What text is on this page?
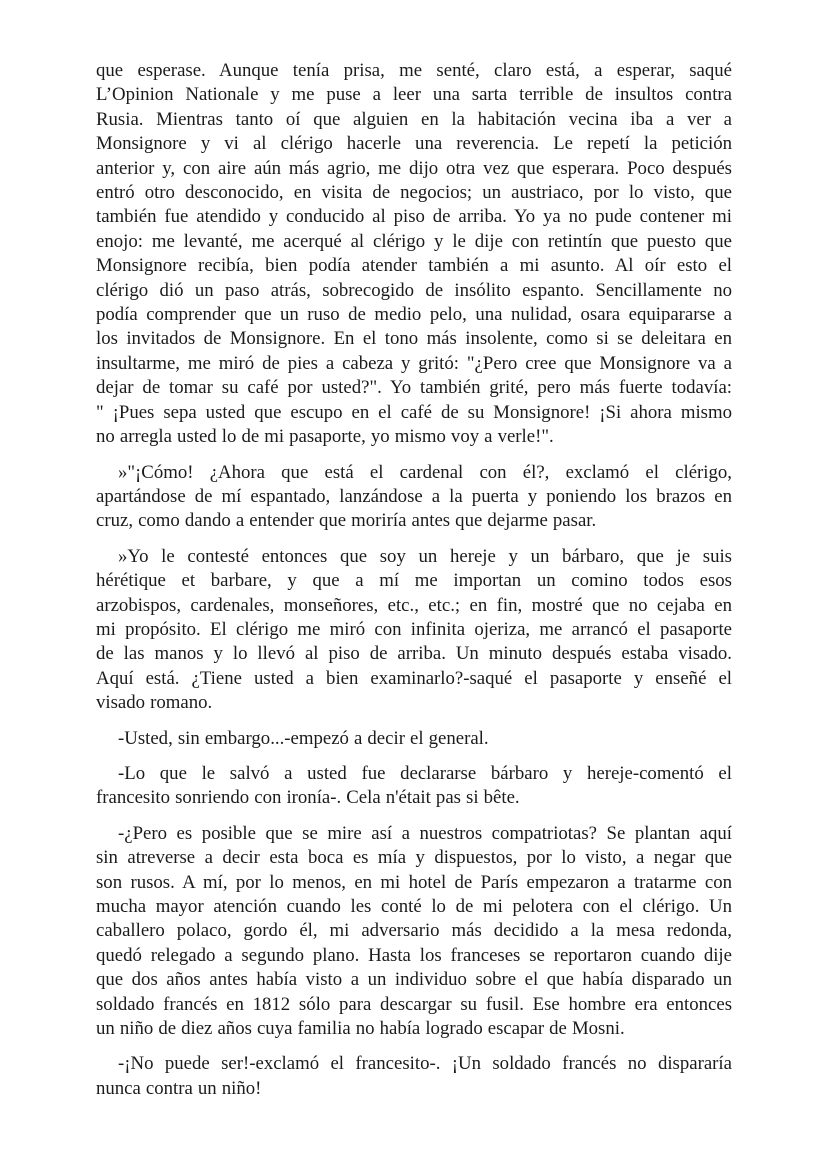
que esperase. Aunque tenía prisa, me senté, claro está, a esperar, saqué
L’Opinion Nationale y me puse a leer una sarta terrible de insultos contra
Rusia. Mientras tanto oí que alguien en la habitación vecina iba a ver a
Monsignore y vi al clérigo hacerle una reverencia. Le repetí la petición
anterior y, con aire aún más agrio, me dijo otra vez que esperara. Poco después
entró otro desconocido, en visita de negocios; un austriaco, por lo visto, que
también fue atendido y conducido al piso de arriba. Yo ya no pude contener mi
enojo: me levanté, me acerqué al clérigo y le dije con retintín que puesto que
Monsignore recibía, bien podía atender también a mi asunto. Al oír esto el
clérigo dió un paso atrás, sobrecogido de insólito espanto. Sencillamente no
podía comprender que un ruso de medio pelo, una nulidad, osara equipararse a
los invitados de Monsignore. En el tono más insolente, como si se deleitara en
insultarme, me miró de pies a cabeza y gritó: "¿Pero cree que Monsignore va a
dejar de tomar su café por usted?". Yo también grité, pero más fuerte todavía:
" ¡Pues sepa usted que escupo en el café de su Monsignore! ¡Si ahora mismo
no arregla usted lo de mi pasaporte, yo mismo voy a verle!".
»"¡Cómo! ¿Ahora que está el cardenal con él?, exclamó el clérigo,
apartándose de mí espantado, lanzándose a la puerta y poniendo los brazos en
cruz, como dando a entender que moriría antes que dejarme pasar.
»Yo le contesté entonces que soy un hereje y un bárbaro, que je suis
hérétique et barbare, y que a mí me importan un comino todos esos
arzobispos, cardenales, monseñores, etc., etc.; en fin, mostré que no cejaba en
mi propósito. El clérigo me miró con infinita ojeriza, me arrancó el pasaporte
de las manos y lo llevó al piso de arriba. Un minuto después estaba visado.
Aquí está. ¿Tiene usted a bien examinarlo?-saqué el pasaporte y enseñé el
visado romano.
-Usted, sin embargo...-empezó a decir el general.
-Lo que le salvó a usted fue declararse bárbaro y hereje-comentó el
francesito sonriendo con ironía-. Cela n'était pas si bête.
-¿Pero es posible que se mire así a nuestros compatriotas? Se plantan aquí
sin atreverse a decir esta boca es mía y dispuestos, por lo visto, a negar que
son rusos. A mí, por lo menos, en mi hotel de París empezaron a tratarme con
mucha mayor atención cuando les conté lo de mi pelotera con el clérigo. Un
caballero polaco, gordo él, mi adversario más decidido a la mesa redonda,
quedó relegado a segundo plano. Hasta los franceses se reportaron cuando dije
que dos años antes había visto a un individuo sobre el que había disparado un
soldado francés en 1812 sólo para descargar su fusil. Ese hombre era entonces
un niño de diez años cuya familia no había logrado escapar de Mosni.
-¡No puede ser!-exclamó el francesito-. ¡Un soldado francés no dispararía
nunca contra un niño!
